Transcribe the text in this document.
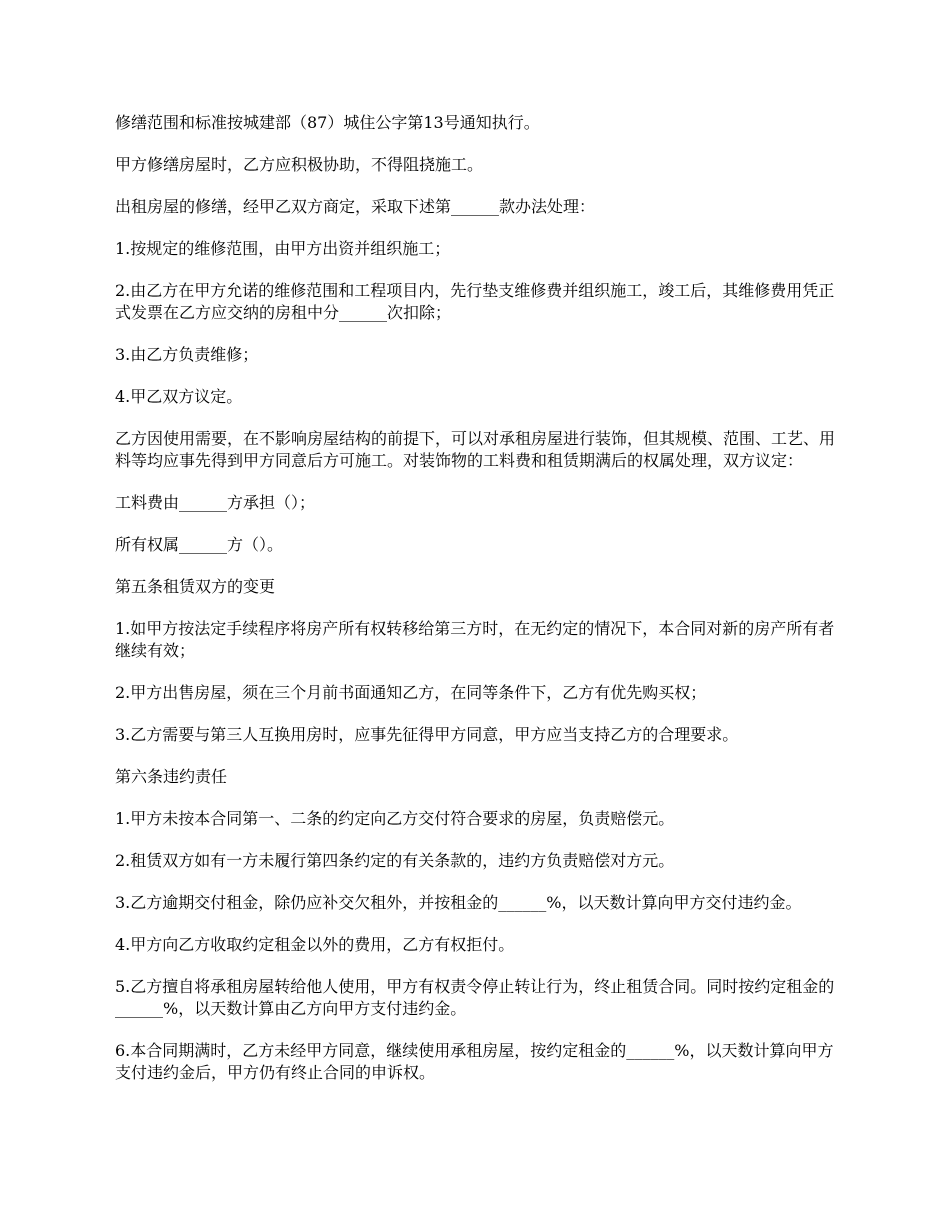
修缮范围和标准按城建部（87）城住公字第13号通知执行。

甲方修缮房屋时，乙方应积极协助，不得阻挠施工。

出租房屋的修缮，经甲乙双方商定，采取下述第______款办法处理：

1.按规定的维修范围，由甲方出资并组织施工；

2.由乙方在甲方允诺的维修范围和工程项目内，先行垫支维修费并组织施工，竣工后，其维修费用凭正式发票在乙方应交纳的房租中分______次扣除；

3.由乙方负责维修；

4.甲乙双方议定。

乙方因使用需要，在不影响房屋结构的前提下，可以对承租房屋进行装饰，但其规模、范围、工艺、用料等均应事先得到甲方同意后方可施工。对装饰物的工料费和租赁期满后的权属处理，双方议定：

工料费由______方承担（）；

所有权属______方（）。

第五条租赁双方的变更

1.如甲方按法定手续程序将房产所有权转移给第三方时，在无约定的情况下，本合同对新的房产所有者继续有效；

2.甲方出售房屋，须在三个月前书面通知乙方，在同等条件下，乙方有优先购买权；

3.乙方需要与第三人互换用房时，应事先征得甲方同意，甲方应当支持乙方的合理要求。

第六条违约责任

1.甲方未按本合同第一、二条的约定向乙方交付符合要求的房屋，负责赔偿元。

2.租赁双方如有一方未履行第四条约定的有关条款的，违约方负责赔偿对方元。

3.乙方逾期交付租金，除仍应补交欠租外，并按租金的______%，以天数计算向甲方交付违约金。

4.甲方向乙方收取约定租金以外的费用，乙方有权拒付。

5.乙方擅自将承租房屋转给他人使用，甲方有权责令停止转让行为，终止租赁合同。同时按约定租金的______%，以天数计算由乙方向甲方支付违约金。

6.本合同期满时，乙方未经甲方同意，继续使用承租房屋，按约定租金的______%，以天数计算向甲方支付违约金后，甲方仍有终止合同的申诉权。
